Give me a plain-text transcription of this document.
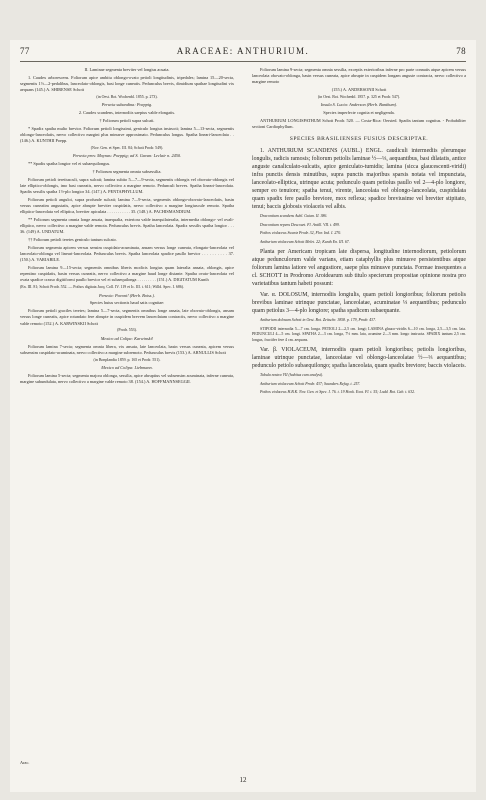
77	ARACEAE: ANTHURIUM.	78

II. Laminae segmenta breviter vel longius acuata.

1. Caudex arborescens. Foliorum apice ambitu oblongo-ovato petioli longitudinis, tripedales; lamina 15—20-secta, segmentis 1½—2-pedalibus, lanceolato-oblongis, basi longe cuneatis. Pedunculus brevis, dimidium spathae longitudini vix aequans (145.) A. SHIRENSE Schott

(in Oest. Bot. Wochenbl. 1855. p. 273).

Peruvia subandina: Poeppig.

2. Caudex scandens, internodiis saepius valde elongatis.

† Foliorum petioli supra sulcati.

* Spadix spatha multo brevior. Foliorum petioli longissimi, geniculo longius instructi; lamina 5—13-secta, segmentis oblongo-lanceolatis, nervo collectivo margini plus minusve approximato. Pedunculus longus. Spatha lineari-lanceolata . . (146.) A. KUNTHII Poepp.

(Nov. Gen. et Spec. III. 84; Schott Prodr. 549).

Peruvia prov. Maynas: Poeppig; ad S. Gavan: Leclair n. 2450.

** Spadix spatha longior vel ei subaequilongus.

† Foliorum segmenta omnia subsessilia.

Foliorum petioli teretiusculi, supra sulcati; lamina subito 5—7—9-secta, segmentis oblongis vel obovato-oblongis vel late elliptico-oblongis, imo basi cuneatis, nervo collectivo a margine remoto. Pedunculi breves. Spatha lineari-lanceolata. Spadix sessilis spatha 1½-plo longior 34. (147.) A. PENTAPHYLLUM.

Foliorum petioli anguloi, supra profunde sulcati; lamina 7—9-secta, segmentis oblongo-obovato-lanceolatis, basin versus cuneatim angustatis, apice abrupte breviter cuspidatis, nervo collectivo a margine longiuscule remoto. Spatha elliptico-lanceolata vel elliptica, breviter apiculata . . . . . . . . . . . 35. (148.) A. PACHISMANDIUM.

** Foliorum segmenta omnia longe ansata, inaequalia, exteriora valde inaequilateralia, intermedia oblongo- vel ovali-elliptico, nervo collectivo a margine valde remota. Pedunculus brevis. Spatha lanceolata. Spadix sessilis spatha longior . . . 36. (149) A. UNDATUM.

†† Foliorum petioli teretes geniculo tantum sulcato.

Foliorum segmenta apicem versus sensim cuspidato-acuminata, ansam versus longe cuneata, elongato-lanceolata vel lanceolato-oblonga vel lineari-lanceolata. Pedunculus brevis. Spatha lanceolata spadice paullo brevior . . . . . . . . . . 37. (150.) A. VARIABILE.

Foliorum lamina 9—15-secta; segmentis omnibus liberis modicis longius quam lateralia ansata, oblongis, apice repentino cuspidatis, basin versus cuneatis, nervo collectivo a margine haud longe distante. Spatha ovato-lanceolata vel ovata spadice crasso digitiformi paullo brevior vel ei subaequilonga . . . . . . . . . (151.) A. DIGITATUM Kunth

(En. III. 81; Schott Prodr. 552. — Pothos digitata Jacq. Coll. IV. 119 et Ic. III. t. 611; Willd. Spec. I. 686).

Peruvia: Pavoni! (Herb. Boiss.).

Species huius sectionis haud satis cognitae:

Foliorum petioli graciles teretes; lamina 5—7-secta, segmentis omnibus longe ansata, late obovato-oblongis, ansam versus longe cuneatis, apice rotundato fere abrupte in cuspidem brevem lanceolatam contractis, nervo collectivo a margine valde remoto (152.) A. KARWINSKII Schott

(Prodr. 553).

Mexico ad Colipa: Karwinski!

Foliorum lamina 7-secta; segmenta omnia libera, vix ansata, late lanceolata, basin versus cuneata, apicem versus subsensim cuspidato-acuminata, nervo collectivo a margine subremoto. Pedunculus brevis (153.) A. ARNULLIS Schott

(in Bonplandia 1859. p. 165 et Prodr. 551).

Mexico ad Colipa: Liebmann.

Foliorum lamina 5-secta; segmenta majora oblonga, sessilia, apice abruptius vel subsensim acuminata, inferne cuneata, margine subundulata, nervo collectivo a margine valde remoto 38. (154.) A. HOFFMANNSEGGII.

Foliorum lamina 9-secta; segmenta omnia sessilia, exceptis exterioribus inferne pro parte connatis atque apicem versus lanceolata obovato-oblonga, basin versus cuneata, apice abrupte in cuspidem longam anguste contracta, nervo collectivo a margine remoto

(155.) A. ANDERSONII Schott

(in Oest. Bot. Wochenbl. 1857. p. 325 et Prodr. 547).

Insula S. Lucia: Anderson (Herb. Banthum).

Species imperfecte cognita et negligenda.

ANTHURIUM LONGISPATHUM Schott Prodr. 520. — Costa-Rica: Oersted. Spadix tantum cognitus. - Probabiliter sectioni Cardiophyllum.

SPECIES BRASILIENSES FUSIUS DESCRIPTAE.

1. ANTHURIUM SCANDENS (AUBL.) ENGL. caudiculi intermediis plerumque longulis, radicis ramosis; foliorum petiolis laminae ½—⅓, aequantibus, basi dilatatis, antice anguste canaliculato-sulcatis, apice geniculato-tumidis; lamina (sicca glaucescenti-viridi) infra punctis densis minutibus, supra punctis majoribus sparsis notata vel impunctata, lanceolato-elliptica, utrinque acuta; pedunculo quam petiolus paullo vel 2—4-plo longiore, semper eo tenuiore; spatha tenui, virente, lanceolata vel oblongo-lanceolata, cuspidulata quam spadix fere paullo breviore, mox reflexa; spadice breviusime vel breviter stipitato, tenui; baccis globosis violaceis vel albis.

Dracontium scandens Aubl. Guian. II. 386.

Dracontium repens Descourt. Fl. Antill. VII. t. 499.

Pothos violaceus Swartz Prodr. 32, Flor. Ind. I. 270.

Anthurium violaceum Schott Melet. 22; Kunth En. III. 67.

Planta per Americam tropicam late dispersa, longitudine internodiorum, petiolorum atque pedunculorum valde varians, etiam cataphyllis plus minusve persistentibus atque foliorum lamina latiore vel angustiore, saepe plus minusve punctata. Formae insequentes a cl. SCHOTT in Prodromo Aroidearum sub titulo specierum propositae opinione nostra pro varietatibus tantum habeti possunt:

Var. α. DOLOSUM, internodiis longiulis, quam petioli longioribus; foliorum petiolis brevibus laminae utrinque punctatae, lanceolatae, acuminatae ⅓ aequantibus; pedunculo quam petiolus 3—4-plo longiore; spatha spadicem subaequante.

Anthurium dolosum Schott in Oest. Bot. Zeitschr. 1858. p. 179, Prodr. 437.

STIPODII internodia 5—7 cm. longa. PETIOLI 2—2,5 cm. longi; LAMINA glauco-viridis 6—10 cm. longa, 2,5—3,5 cm. lata. PEDUNCULI 4—5 cm. longi. SPATHA 2—3 cm. longa, 7½ mm. lata, acumine 2—3 mm. longo instructa. SPADIX tantum 2,5 cm. longus, fructifer fere 4 cm. aequans.

Var. β. VIOLACEUM, internodiis quam petioli longioribus; petiolis longioribus, laminae utrinque punctatae, lanceolatae vel oblongo-lanceolatae ½—⅓ aequantibus; pedunculo petiolo subaequilongo; spatha lanceolata, quam spadix breviore; baccis violaceis.

Tabula nostra VII (habitus cum analysi).

Anthurium violaceum Schott Prodr. 437; Saunders Refug. t. 257.

Pothos violaceus H.B.K. Nov. Gen. et Spec. I. 76. t. 19 Hook. Exot. Fl. t. 55; Lodd. Bot. Cab. t. 632.

Arac.
12
